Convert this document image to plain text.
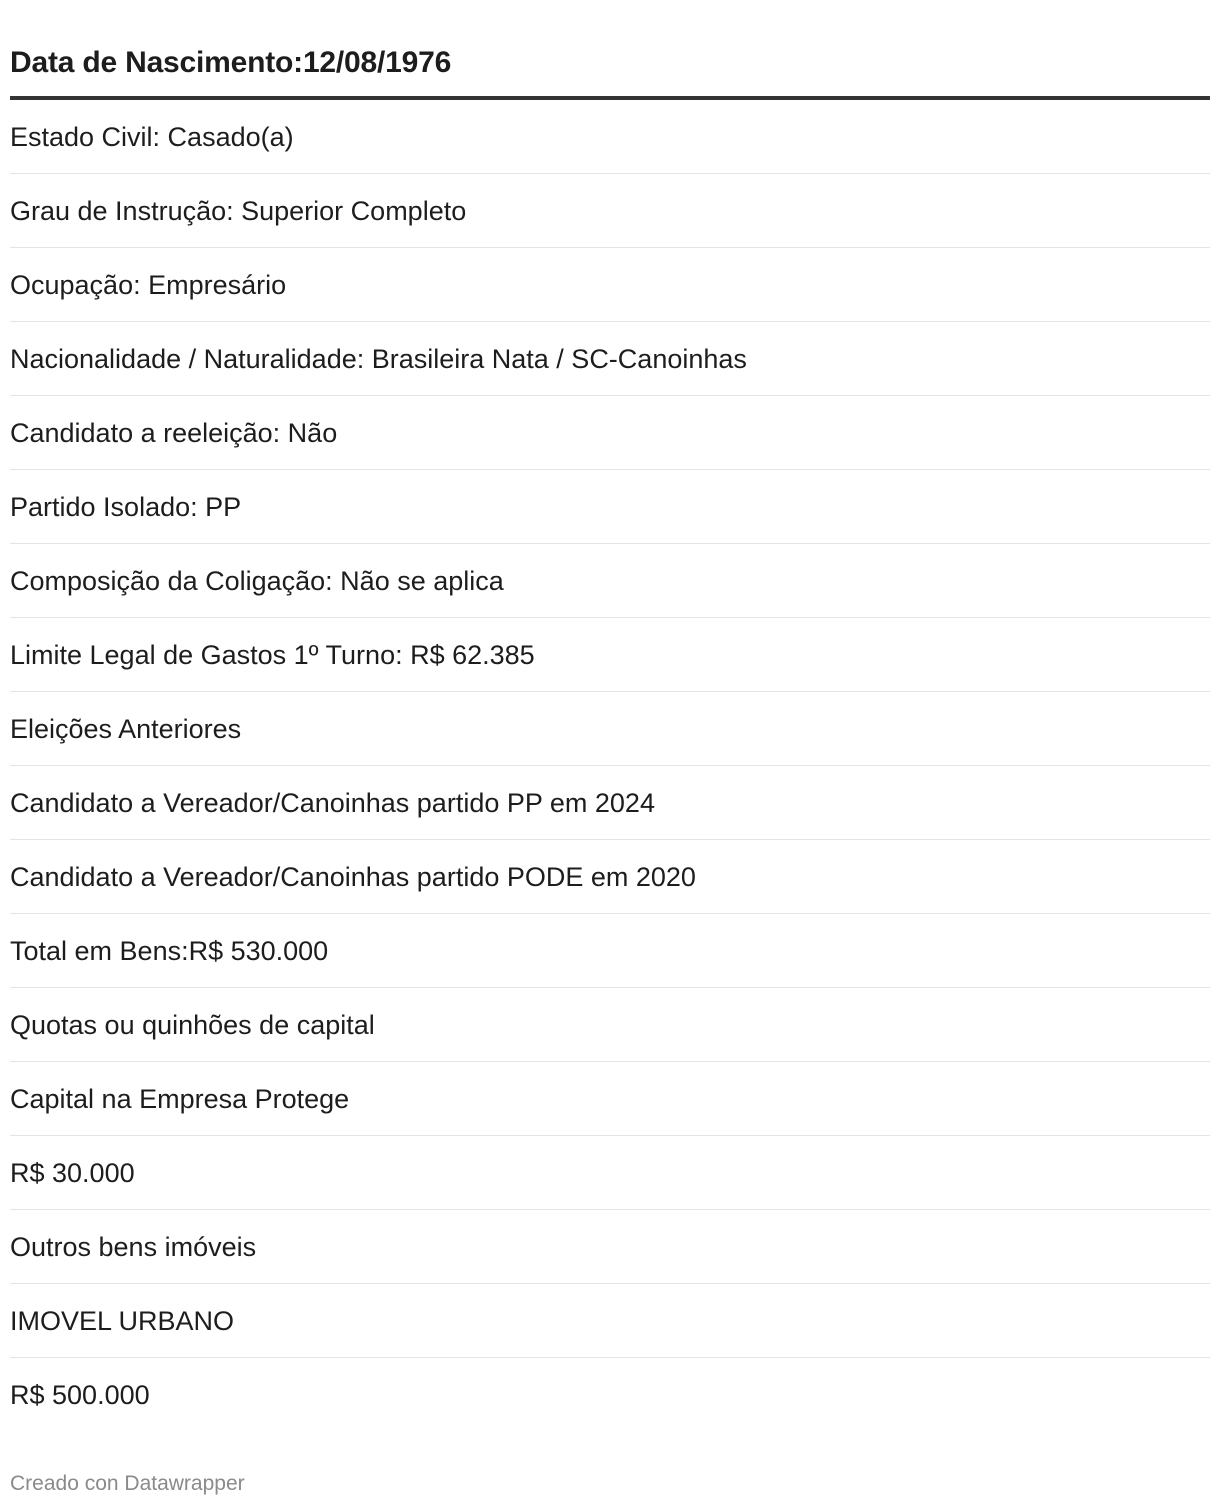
Data de Nascimento:12/08/1976
Estado Civil: Casado(a)
Grau de Instrução: Superior Completo
Ocupação: Empresário
Nacionalidade / Naturalidade: Brasileira Nata / SC-Canoinhas
Candidato a reeleição: Não
Partido Isolado: PP
Composição da Coligação: Não se aplica
Limite Legal de Gastos 1º Turno: R$ 62.385
Eleições Anteriores
Candidato a Vereador/Canoinhas partido PP em 2024
Candidato a Vereador/Canoinhas partido PODE em 2020
Total em Bens:R$ 530.000
Quotas ou quinhões de capital
Capital na Empresa Protege
R$ 30.000
Outros bens imóveis
IMOVEL URBANO
R$ 500.000
Creado con Datawrapper
